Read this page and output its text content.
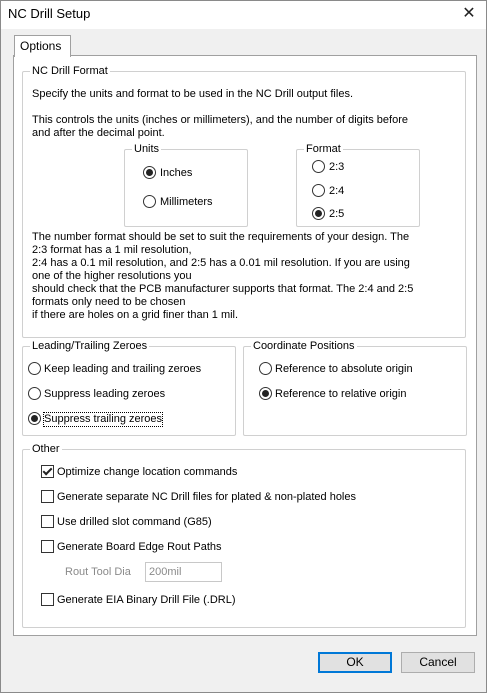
NC Drill Setup	✕
Options
NC Drill Format
Specify the units and format to be used in the NC Drill output files.
This controls the units (inches or millimeters), and the number of digits before
and after the decimal point.
Units
Inches
Millimeters
Format
2:3
2:4
2:5
The number format should be set to suit the requirements of your design. The
2:3 format has a 1 mil resolution,
2:4 has a 0.1 mil resolution, and 2:5 has a 0.01 mil resolution. If you are using
one of the higher resolutions you
should check that the PCB manufacturer supports that format. The 2:4 and 2:5
formats only need to be chosen
if there are holes on a grid finer than 1 mil.
Leading/Trailing Zeroes
Keep leading and trailing zeroes
Suppress leading zeroes
Suppress trailing zeroes
Coordinate Positions
Reference to absolute origin
Reference to relative origin
Other
Optimize change location commands
Generate separate NC Drill files for plated & non-plated holes
Use drilled slot command (G85)
Generate Board Edge Rout Paths
Rout Tool Dia	200mil
Generate EIA Binary Drill File (.DRL)
OK	Cancel
